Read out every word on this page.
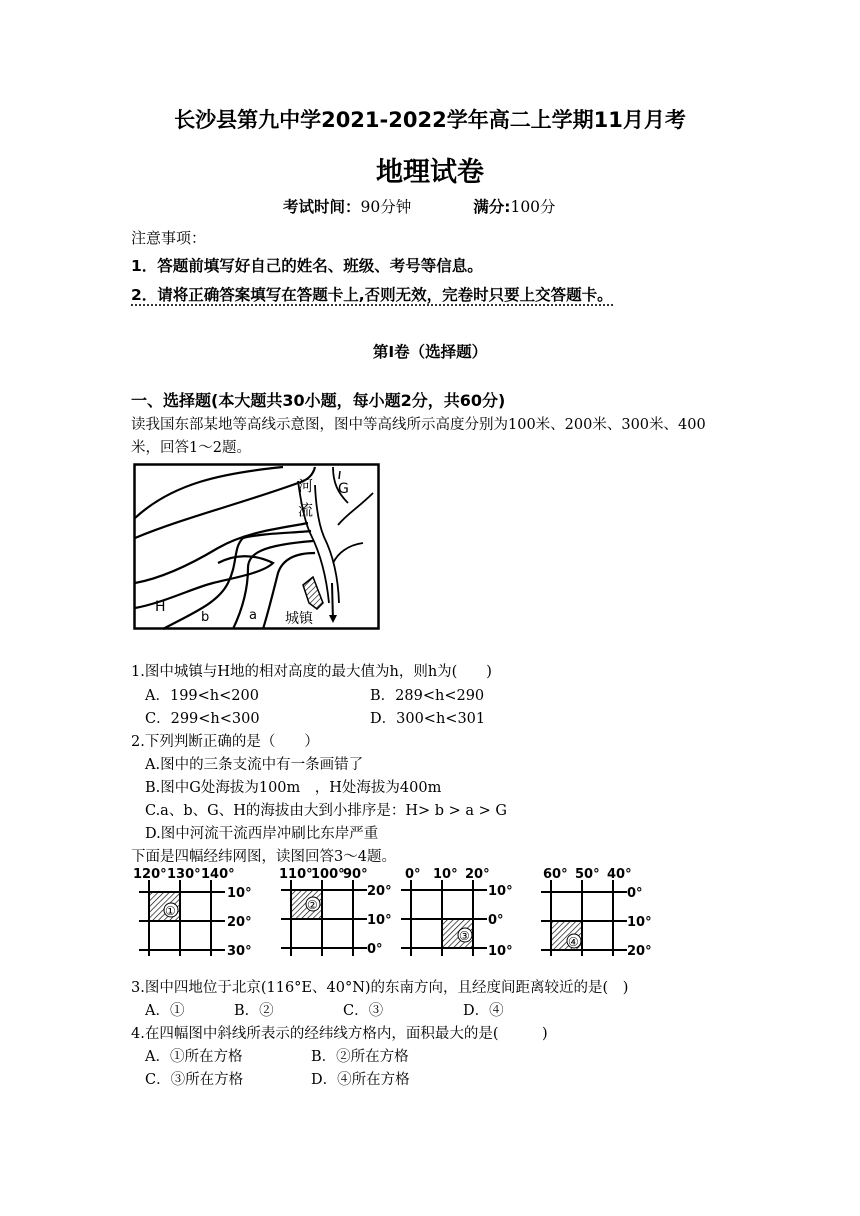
长沙县第九中学2021-2022学年高二上学期11月月考
地理试卷
考试时间：90分钟	满分:100分
注意事项：
1．答题前填写好自己的姓名、班级、考号等信息。
2．请将正确答案填写在答题卡上,否则无效，完卷时只要上交答题卡。
第Ⅰ卷（选择题）
一、选择题(本大题共30小题，每小题2分，共60分)
读我国东部某地等高线示意图，图中等高线所示高度分别为100米、200米、300米、400米，回答1～2题。
河
流
G
H
b	a 城镇
1.图中城镇与H地的相对高度的最大值为h，则h为(　　)
A．199<h<200	B．289<h<290
C．299<h<300	D．300<h<301
2.下列判断正确的是（　　）
A.图中的三条支流中有一条画错了
B.图中G处海拔为100m　，H处海拔为400m
C.a、b、G、H的海拔由大到小排序是：H> b > a > G
D.图中河流干流西岸冲刷比东岸严重
下面是四幅经纬网图，读图回答3～4题。
120° 130° 140°
10°
20°
30°
①
110°
100°
90°
20°
10°
0°
②
0° 10° 20°
10°
0°
10°
③
60° 50° 40°
0°
10°
20°
④
3.图中四地位于北京(116°E、40°N)的东南方向，且经度间距离较近的是(　)
A．①	B．②	C．③	D．④
4.在四幅图中斜线所表示的经纬线方格内，面积最大的是(　　　)
A．①所在方格	B．②所在方格
C．③所在方格	D．④所在方格
